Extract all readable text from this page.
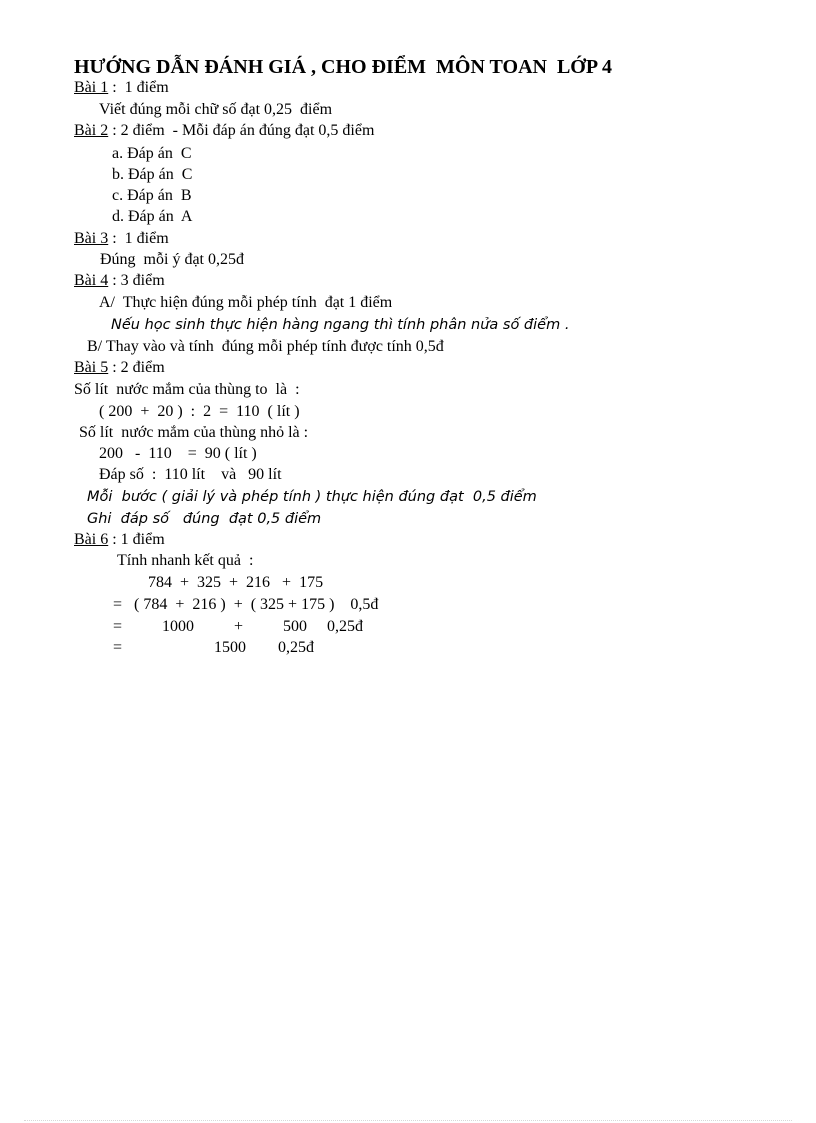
HƯỚNG DẪN ĐÁNH GIÁ , CHO ĐIỂM  MÔN TOAN  LỚP 4
Bài 1 :  1 điểm
Viết đúng mỗi chữ số đạt 0,25  điểm
Bài 2 : 2 điểm  - Mỗi đáp án đúng đạt 0,5 điểm
a. Đáp án  C
b. Đáp án  C
c. Đáp án  B
d. Đáp án  A
Bài 3 :  1 điểm
Đúng  mỗi ý đạt 0,25đ
Bài 4 : 3 điểm
A/  Thực hiện đúng mỗi phép tính  đạt 1 điểm
Nếu học sinh thực hiện hàng ngang thì tính phân nửa số điểm .
B/ Thay vào và tính  đúng mỗi phép tính được tính 0,5đ
Bài 5 : 2 điểm
Số lít  nước mắm của thùng to  là  :
( 200  +  20 )  :  2  =  110  ( lít )
Số lít  nước mắm của thùng nhỏ là :
200   -  110    =  90 ( lít )
Đáp số  :  110 lít    và   90 lít
Mỗi  bước ( giải lý và phép tính ) thực hiện đúng đạt  0,5 điểm
Ghi  đáp số   đúng  đạt 0,5 điểm
Bài 6 : 1 điểm
Tính nhanh kết quả  :
784  +  325  +  216   +  175
=   ( 784  +  216 )  +  ( 325 + 175 )    0,5đ
=          1000          +          500     0,25đ
=                       1500        0,25đ
